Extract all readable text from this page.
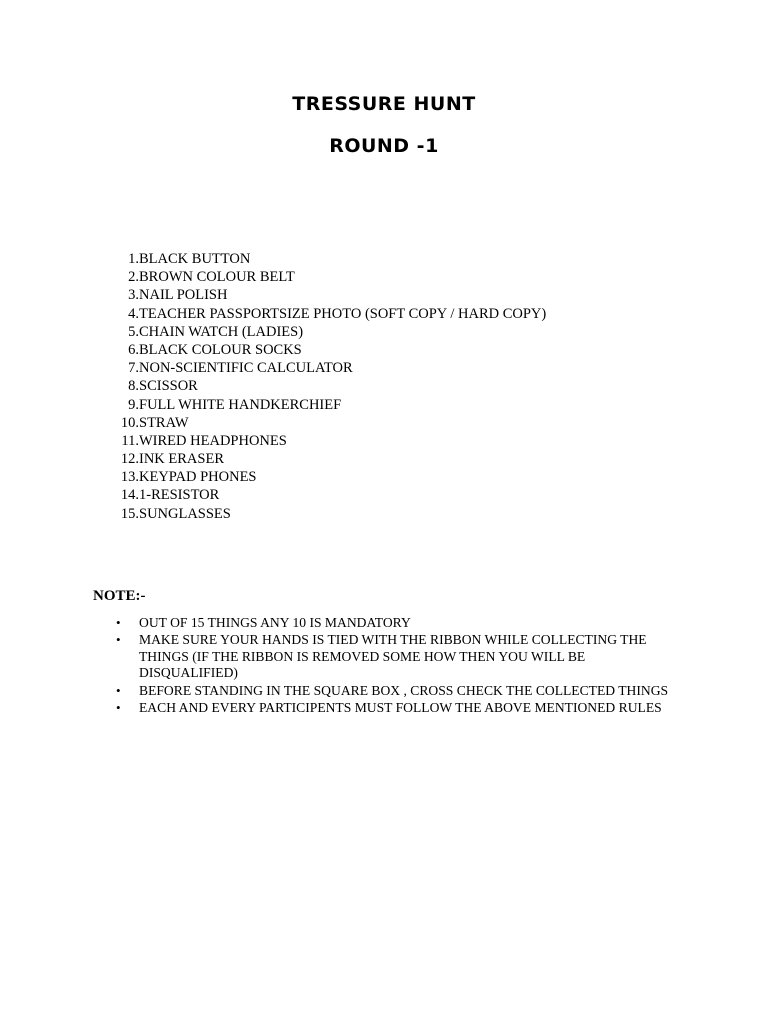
TRESSURE HUNT
ROUND -1
1. BLACK BUTTON
2. BROWN COLOUR BELT
3. NAIL POLISH
4. TEACHER PASSPORTSIZE PHOTO (SOFT COPY / HARD COPY)
5. CHAIN WATCH (LADIES)
6. BLACK COLOUR SOCKS
7. NON-SCIENTIFIC CALCULATOR
8. SCISSOR
9. FULL WHITE HANDKERCHIEF
10. STRAW
11. WIRED HEADPHONES
12. INK ERASER
13. KEYPAD PHONES
14. 1-RESISTOR
15. SUNGLASSES
NOTE:-
• OUT OF 15 THINGS ANY 10 IS MANDATORY
• MAKE SURE YOUR HANDS IS TIED WITH THE RIBBON WHILE COLLECTING THE THINGS (IF THE RIBBON IS REMOVED SOME HOW THEN YOU WILL BE DISQUALIFIED)
• BEFORE STANDING IN THE SQUARE BOX , CROSS CHECK THE COLLECTED THINGS
• EACH AND EVERY PARTICIPENTS MUST FOLLOW THE ABOVE MENTIONED RULES
